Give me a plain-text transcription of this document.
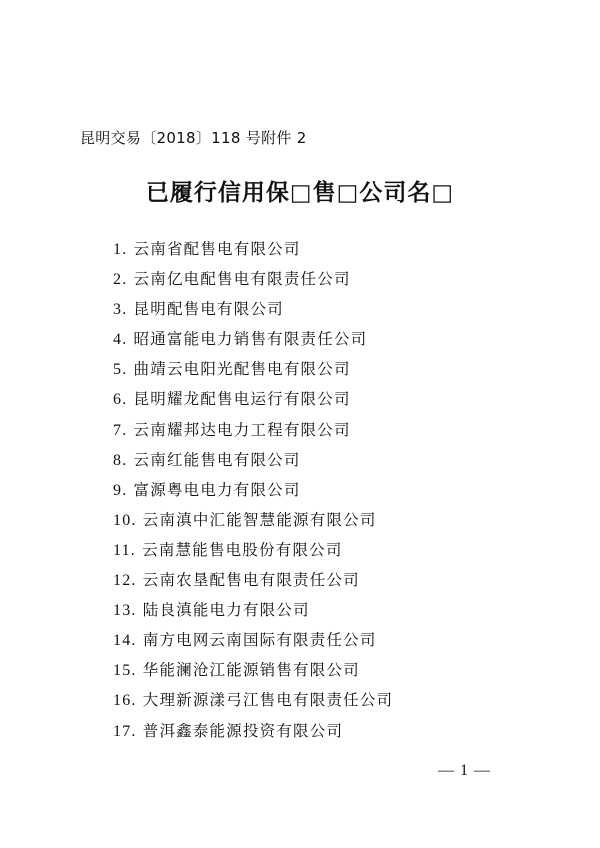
昆明交易〔2018〕118 号附件 2
已履行信用保□售□公司名□
1. 云南省配售电有限公司
2. 云南亿电配售电有限责任公司
3. 昆明配售电有限公司
4. 昭通富能电力销售有限责任公司
5. 曲靖云电阳光配售电有限公司
6. 昆明耀龙配售电运行有限公司
7. 云南耀邦达电力工程有限公司
8. 云南红能售电有限公司
9. 富源粤电电力有限公司
10. 云南滇中汇能智慧能源有限公司
11. 云南慧能售电股份有限公司
12. 云南农垦配售电有限责任公司
13. 陆良滇能电力有限公司
14. 南方电网云南国际有限责任公司
15. 华能澜沧江能源销售有限公司
16. 大理新源漾弓江售电有限责任公司
17. 普洱鑫泰能源投资有限公司
— 1 —
